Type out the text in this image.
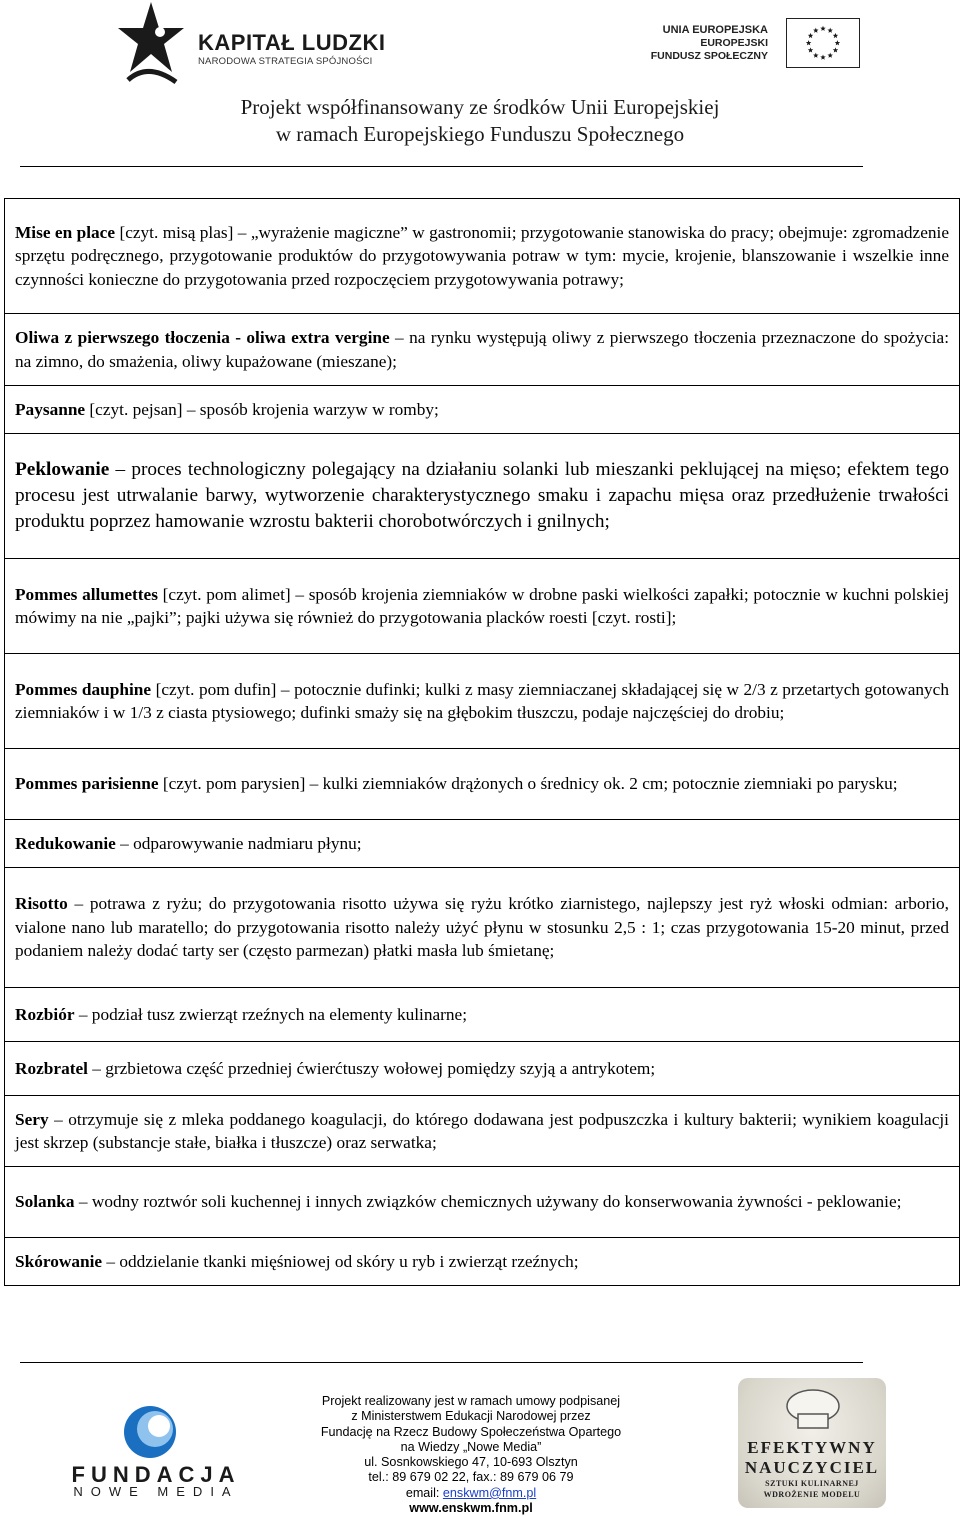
KAPITAŁ LUDZKI
NARODOWA STRATEGIA SPÓJNOŚCI
UNIA EUROPEJSKA
EUROPEJSKI
FUNDUSZ SPOŁECZNY
Projekt współfinansowany ze środków Unii Europejskiej
w ramach Europejskiego Funduszu Społecznego
Mise en place [czyt. misą plas] – „wyrażenie magiczne” w gastronomii; przygotowanie stanowiska do pracy; obejmuje: zgromadzenie sprzętu podręcznego, przygotowanie produktów do przygotowywania potraw w tym: mycie, krojenie, blanszowanie i wszelkie inne czynności konieczne do przygotowania przed rozpoczęciem przygotowywania potrawy;
Oliwa z pierwszego tłoczenia - oliwa extra vergine – na rynku występują oliwy z pierwszego tłoczenia przeznaczone do spożycia: na zimno, do smażenia, oliwy kupażowane (mieszane);
Paysanne [czyt. pejsan] – sposób krojenia warzyw w romby;
Peklowanie – proces technologiczny polegający na działaniu solanki lub mieszanki peklującej na mięso; efektem tego procesu jest utrwalanie barwy, wytworzenie charakterystycznego smaku i zapachu mięsa oraz przedłużenie trwałości produktu poprzez hamowanie wzrostu bakterii chorobotwórczych i gnilnych;
Pommes allumettes [czyt. pom alimet] – sposób krojenia ziemniaków w drobne paski wielkości zapałki; potocznie w kuchni polskiej mówimy na nie „pajki”; pajki używa się również do przygotowania placków roesti [czyt. rosti];
Pommes dauphine [czyt. pom dufin] – potocznie dufinki; kulki z masy ziemniaczanej składającej się w 2/3 z przetartych gotowanych ziemniaków i w 1/3 z ciasta ptysiowego; dufinki smaży się na głębokim tłuszczu, podaje najczęściej do drobiu;
Pommes parisienne [czyt. pom parysien] – kulki ziemniaków drążonych o średnicy ok. 2 cm; potocznie ziemniaki po parysku;
Redukowanie – odparowywanie nadmiaru płynu;
Risotto – potrawa z ryżu; do przygotowania risotto używa się ryżu krótko ziarnistego, najlepszy jest ryż włoski odmian: arborio, vialone nano lub maratello; do przygotowania risotto należy użyć płynu w stosunku 2,5 : 1; czas przygotowania 15-20 minut, przed podaniem należy dodać tarty ser (często parmezan) płatki masła lub śmietanę;
Rozbiór – podział tusz zwierząt rzeźnych na elementy kulinarne;
Rozbratel – grzbietowa część przedniej ćwierćtuszy wołowej pomiędzy szyją a antrykotem;
Sery – otrzymuje się z mleka poddanego koagulacji, do którego dodawana jest podpuszczka i kultury bakterii; wynikiem koagulacji jest skrzep (substancje stałe, białka i tłuszcze) oraz serwatka;
Solanka – wodny roztwór soli kuchennej i innych związków chemicznych używany do konserwowania żywności - peklowanie;
Skórowanie – oddzielanie tkanki mięśniowej od skóry u ryb i zwierząt rzeźnych;
FUNDACJA
NOWE MEDIA
Projekt realizowany jest w ramach umowy podpisanej
z Ministerstwem Edukacji Narodowej przez
Fundację na Rzecz Budowy Społeczeństwa Opartego
na Wiedzy „Nowe Media”
ul. Sosnkowskiego 47, 10-693 Olsztyn
tel.: 89 679 02 22, fax.: 89 679 06 79
email: enskwm@fnm.pl
www.enskwm.fnm.pl
EFEKTYWNY
NAUCZYCIEL
SZTUKI KULINARNEJ
WDROŻENIE MODELU
